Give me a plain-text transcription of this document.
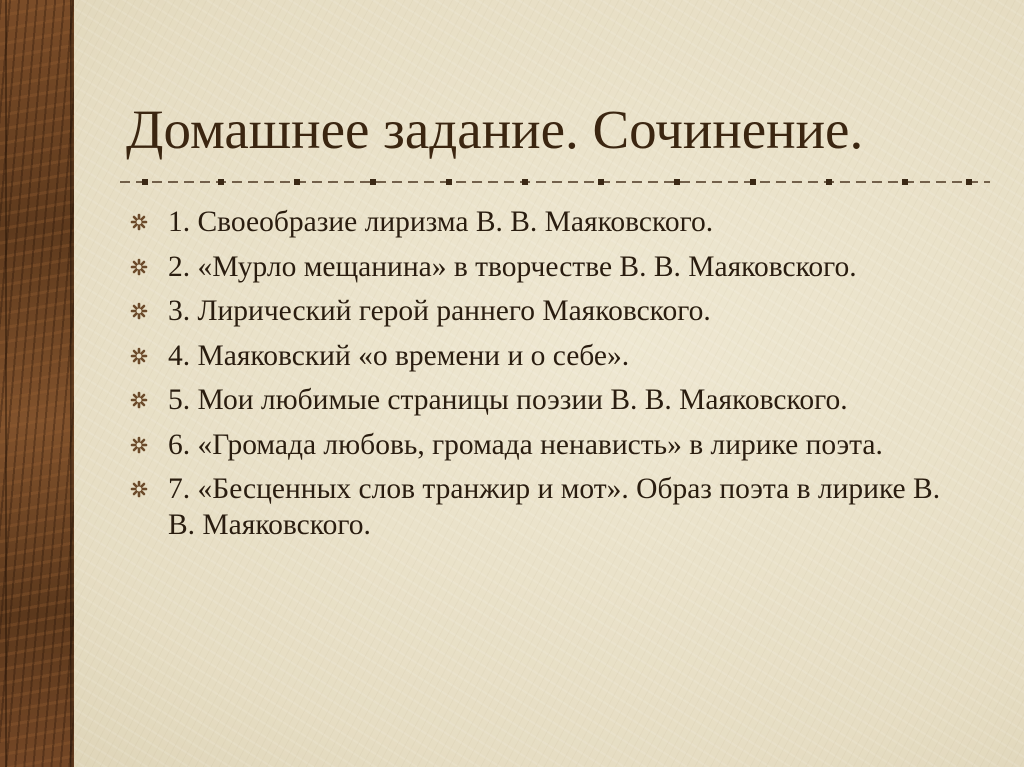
Домашнее задание. Сочинение.
1. Своеобразие лиризма В. В. Маяковского.
2. «Мурло мещанина» в творчестве В. В. Маяковского.
3. Лирический герой раннего Маяковского.
4. Маяковский «о времени и о себе».
5. Мои любимые страницы поэзии В. В. Маяковского.
6. «Громада любовь, громада ненависть» в лирике поэта.
7. «Бесценных слов транжир и мот». Образ поэта в лирике В. В. Маяковского.
